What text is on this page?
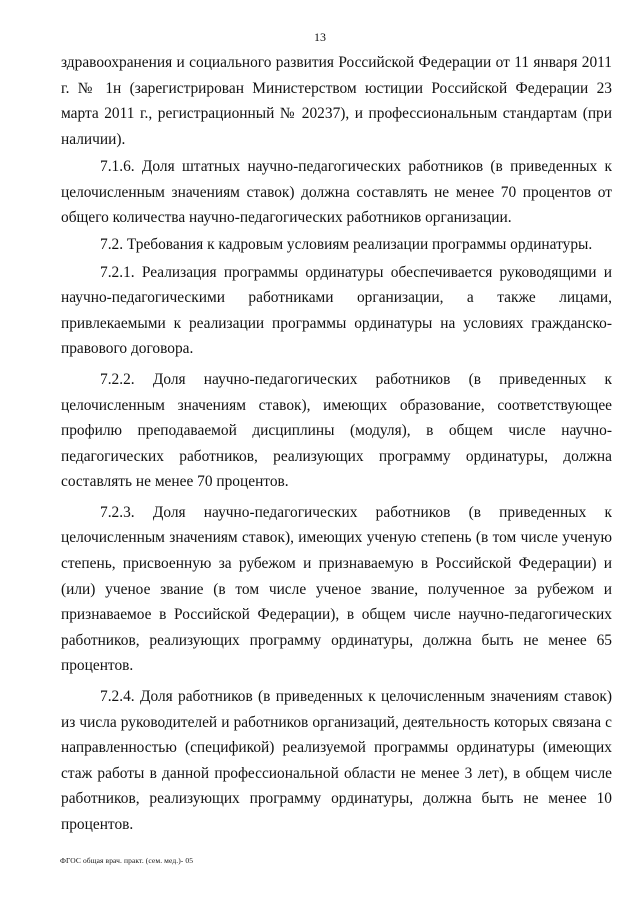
13

здравоохранения и социального развития Российской Федерации от 11 января 2011 г. № 1н (зарегистрирован Министерством юстиции Российской Федерации 23 марта 2011 г., регистрационный № 20237), и профессиональным стандартам (при наличии).

7.1.6. Доля штатных научно-педагогических работников (в приведенных к целочисленным значениям ставок) должна составлять не менее 70 процентов от общего количества научно-педагогических работников организации.

7.2. Требования к кадровым условиям реализации программы ординатуры.

7.2.1. Реализация программы ординатуры обеспечивается руководящими и научно-педагогическими работниками организации, а также лицами, привлекаемыми к реализации программы ординатуры на условиях гражданско-правового договора.

7.2.2. Доля научно-педагогических работников (в приведенных к целочисленным значениям ставок), имеющих образование, соответствующее профилю преподаваемой дисциплины (модуля), в общем числе научно-педагогических работников, реализующих программу ординатуры, должна составлять не менее 70 процентов.

7.2.3. Доля научно-педагогических работников (в приведенных к целочисленным значениям ставок), имеющих ученую степень (в том числе ученую степень, присвоенную за рубежом и признаваемую в Российской Федерации) и (или) ученое звание (в том числе ученое звание, полученное за рубежом и признаваемое в Российской Федерации), в общем числе научно-педагогических работников, реализующих программу ординатуры, должна быть не менее 65 процентов.

7.2.4. Доля работников (в приведенных к целочисленным значениям ставок) из числа руководителей и работников организаций, деятельность которых связана с направленностью (спецификой) реализуемой программы ординатуры (имеющих стаж работы в данной профессиональной области не менее 3 лет), в общем числе работников, реализующих программу ординатуры, должна быть не менее 10 процентов.

ФГОС общая врач. практ. (сем. мед.)- 05
